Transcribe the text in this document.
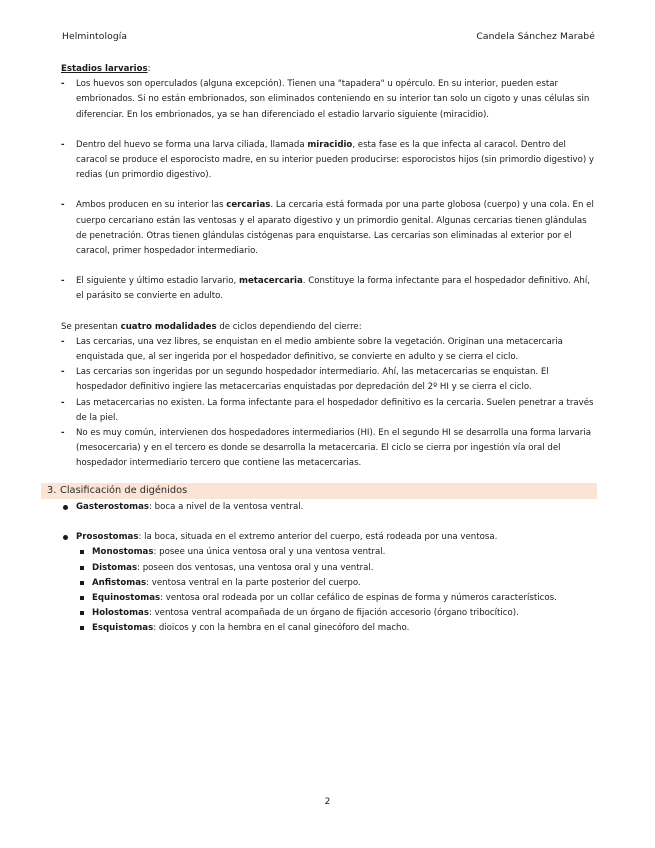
Helmintología	Candela Sánchez Marabé
Estadios larvarios:
- Los huevos son operculados (alguna excepción). Tienen una "tapadera" u opérculo. En su interior, pueden estar embrionados. Si no están embrionados, son eliminados conteniendo en su interior tan solo un cigoto y unas células sin diferenciar. En los embrionados, ya se han diferenciado el estadio larvario siguiente (miracidio).
- Dentro del huevo se forma una larva ciliada, llamada miracidio, esta fase es la que infecta al caracol. Dentro del caracol se produce el esporocisto madre, en su interior pueden producirse: esporocistos hijos (sin primordio digestivo) y redias (un primordio digestivo).
- Ambos producen en su interior las cercarias. La cercaria está formada por una parte globosa (cuerpo) y una cola. En el cuerpo cercariano están las ventosas y el aparato digestivo y un primordio genital. Algunas cercarias tienen glándulas de penetración. Otras tienen glándulas cistógenas para enquistarse. Las cercarias son eliminadas al exterior por el caracol, primer hospedador intermediario.
- El siguiente y último estadio larvario, metacercaria. Constituye la forma infectante para el hospedador definitivo. Ahí, el parásito se convierte en adulto.
Se presentan cuatro modalidades de ciclos dependiendo del cierre:
- Las cercarias, una vez libres, se enquistan en el medio ambiente sobre la vegetación. Originan una metacercaria enquistada que, al ser ingerida por el hospedador definitivo, se convierte en adulto y se cierra el ciclo.
- Las cercarias son ingeridas por un segundo hospedador intermediario. Ahí, las metacercarias se enquistan. El hospedador definitivo ingiere las metacercarias enquistadas por depredación del 2º HI y se cierra el ciclo.
- Las metacercarias no existen. La forma infectante para el hospedador definitivo es la cercaria. Suelen penetrar a través de la piel.
- No es muy común, intervienen dos hospedadores intermediarios (HI). En el segundo HI se desarrolla una forma larvaria (mesocercaria) y en el tercero es donde se desarrolla la metacercaria. El ciclo se cierra por ingestión vía oral del hospedador intermediario tercero que contiene las metacercarias.
3. Clasificación de digénidos
Gasterostomas: boca a nivel de la ventosa ventral.
Prosostomas: la boca, situada en el extremo anterior del cuerpo, está rodeada por una ventosa.
Monostomas: posee una única ventosa oral y una ventosa ventral.
Distomas: poseen dos ventosas, una ventosa oral y una ventral.
Anfistomas: ventosa ventral en la parte posterior del cuerpo.
Equinostomas: ventosa oral rodeada por un collar cefálico de espinas de forma y números característicos.
Holostomas: ventosa ventral acompañada de un órgano de fijación accesorio (órgano tribocítico).
Esquistomas: dioicos y con la hembra en el canal ginecóforo del macho.
2
